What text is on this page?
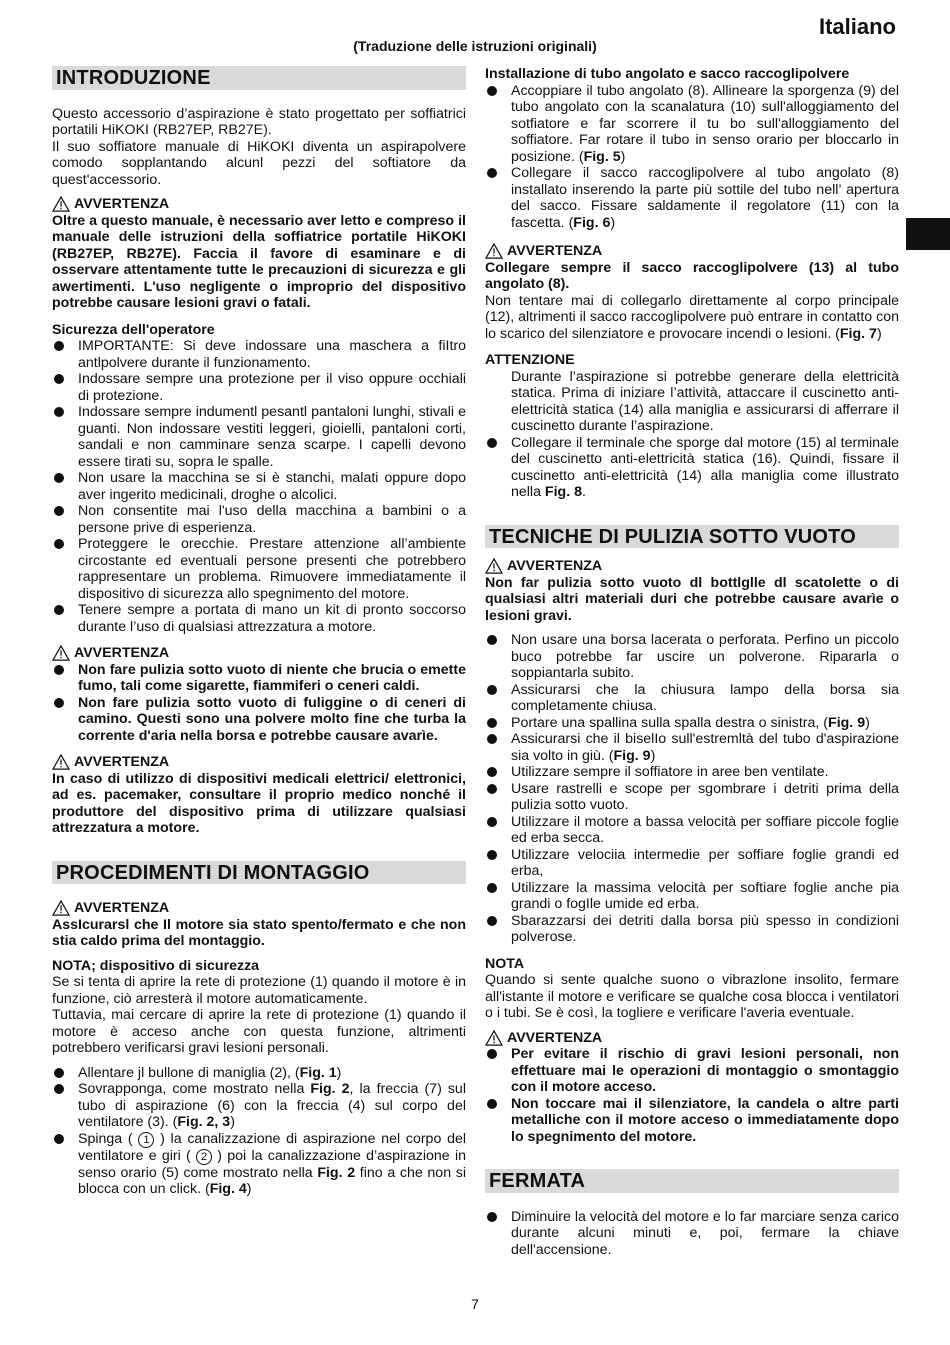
Italiano
(Traduzione delle istruzioni originali)
INTRODUZIONE

Questo accessorio d’aspirazione è stato progettato per soffiatrici portatili HiKOKI (RB27EP, RB27E).

Il suo soffiatore manuale di HiKOKI diventa un aspirapolvere comodo sopplantando alcunl pezzi del softiatore da quest'accessorio.

AVVERTENZA

Oltre a questo manuale, è necessario aver letto e compreso il manuale delle istruzioni della soffiatrice portatile HiKOKI (RB27EP, RB27E). Faccia il favore di esaminare e di osservare attentamente tutte le precauzioni di sicurezza e gli awertimenti. L'uso negligente o improprio del dispositivo potrebbe causare lesioni gravi o fatali.

Sicurezza dell'operatore
IMPORTANTE: Si deve indossare una maschera a fiItro antlpolvere durante il funzionamento.
Indossare sempre una protezione per il viso oppure occhiali di protezione.
Indossare sempre indumentl pesantl pantaloni lunghi, stivali e guanti. Non indossare vestiti leggeri, gioielli, pantaloni corti, sandali e non camminare senza scarpe. I capelli devono essere tirati su, sopra le spalle.
Non usare la macchina se si è stanchi, malati oppure dopo aver ingerito medicinali, droghe o alcolici.
Non consentite mai l'uso della macchina a bambini o a persone prive di esperienza.
Proteggere le orecchie. Prestare attenzione all’ambiente circostante ed eventuali persone presenti che potrebbero rappresentare un problema. Rimuovere immediatamente il dispositivo di sicurezza allo spegnimento del motore.
Tenere sempre a portata di mano un kit di pronto soccorso durante l’uso di qualsiasi attrezzatura a motore.
AVVERTENZA
Non fare pulizia sotto vuoto di niente che brucia o emette fumo, tali come sigarette, fiammiferi o ceneri caldi.
Non fare pulizia sotto vuoto di fuliggine o di ceneri di camino. Questi sono una polvere molto fine che turba la corrente d'aria nella borsa e potrebbe causare avarìe.
AVVERTENZA

In caso di utilizzo di dispositivi medicali elettrici/ elettronici, ad es. pacemaker, consultare il proprio medico nonché il produttore del dispositivo prima di utilizzare qualsiasi attrezzatura a motore.

PROCEDIMENTI DI MONTAGGIO
AVVERTENZA

AssIcurarsl che Il motore sia stato spento/fermato e che non stia caldo prima del montaggio.

NOTA; dispositivo di sicurezza

Se si tenta di aprire la rete di protezione (1) quando il motore è in funzione, ciò arresterà il motore automaticamente.

Tuttavia, mai cercare di aprire la rete di protezione (1) quando il motore è acceso anche con questa funzione, altrimenti potrebbero verificarsi gravi lesioni personali.

Allentare jl bullone di maniglia (2), (Fig. 1)
Sovrapponga, come mostrato nella Fig. 2, la freccia (7) sul tubo di aspirazione (6) con la freccia (4) sul corpo del ventilatore (3). (Fig. 2, 3)
Spinga ( 1 ) la canalizzazione di aspirazione nel corpo del ventilatore e giri ( 2 ) poi la canalizzazione d’aspirazione in senso orario (5) come mostrato nella Fig. 2 fino a che non si blocca con un click. (Fig. 4)
Installazione di tubo angolato e sacco raccoglipolvere
Accoppiare il tubo angolato (8). Allineare la sporgenza (9) del tubo angolato con la scanalatura (10) sull'alloggiamento del sotfiatore e far scorrere il tu bo sull'alloggiamento del soffiatore. Far rotare il tubo in senso orario per bloccarlo in posizione. (Fig. 5)
Collegare il sacco raccoglipolvere al tubo angolato (8) installato inserendo la parte più sottile del tubo nell’ apertura del sacco. Fissare saldamente il regolatore (11) con la fascetta. (Fig. 6)
AVVERTENZA

Collegare sempre il sacco raccoglipolvere (13) al tubo angolato (8).

Non tentare mai di collegarlo direttamente al corpo principale (12), altrimenti il sacco raccoglipolvere può entrare in contatto con lo scarico del silenziatore e provocare incendi o lesioni. (Fig. 7)

ATTENZIONE

Durante l’aspirazione si potrebbe generare della elettricità statica. Prima di iniziare l’attività, attaccare il cuscinetto anti-elettricità statica (14) alla maniglia e assicurarsi di afferrare il cuscinetto durante l’aspirazione.

Collegare il terminale che sporge dal motore (15) al terminale del cuscinetto anti-elettricità statica (16). Quindi, fissare il cuscinetto anti-elettricità (14) alla maniglia come illustrato nella Fig. 8.
TECNICHE DI PULIZIA SOTTO VUOTO
AVVERTENZA

Non far pulizia sotto vuoto dl bottlglle dl scatolette o di qualsiasi altri materiali duri che potrebbe causare avarìe o lesioni gravi.

Non usare una borsa lacerata o perforata. Perfino un piccolo buco potrebbe far uscire un polverone. Ripararla o soppiantarla subito.
Assicurarsi che la chiusura lampo della borsa sia completamente chiusa.
Portare una spallina sulla spalla destra o sinistra, (Fig. 9)
Assicurarsi che il biselIo sull'estremltà del tubo d'aspirazione sia volto in giù. (Fig. 9)
Utilizzare sempre il soffiatore in aree ben ventilate.
Usare rastrelli e scope per sgombrare i detriti prima della pulizia sotto vuoto.
Utilizzare il motore a bassa velocità per soffiare piccole foglie ed erba secca.
Utilizzare velociia intermedie per soffiare foglie grandi ed erba,
Utilizzare la massima velocità per softiare foglie anche pia grandi o fogIle umide ed erba.
Sbarazzarsi dei detriti dalla borsa più spesso in condizioni polverose.
NOTA

Quando si sente qualche suono o vibrazlone insolito, fermare all'istante il motore e verificare se qualche cosa blocca i ventilatori o i tubi. Se è così, la togliere e verificare l'averia eventuale.

AVVERTENZA
Per evitare il rischio di gravi lesioni personali, non effettuare mai le operazioni di montaggio o smontaggio con il motore acceso.
Non toccare mai il silenziatore, la candela o altre parti metalliche con il motore acceso o immediatamente dopo lo spegnimento del motore.
FERMATA
Diminuire la velocità del motore e lo far marciare senza carico durante alcuni minuti e, poi, fermare la chiave dell'accensione.
7
